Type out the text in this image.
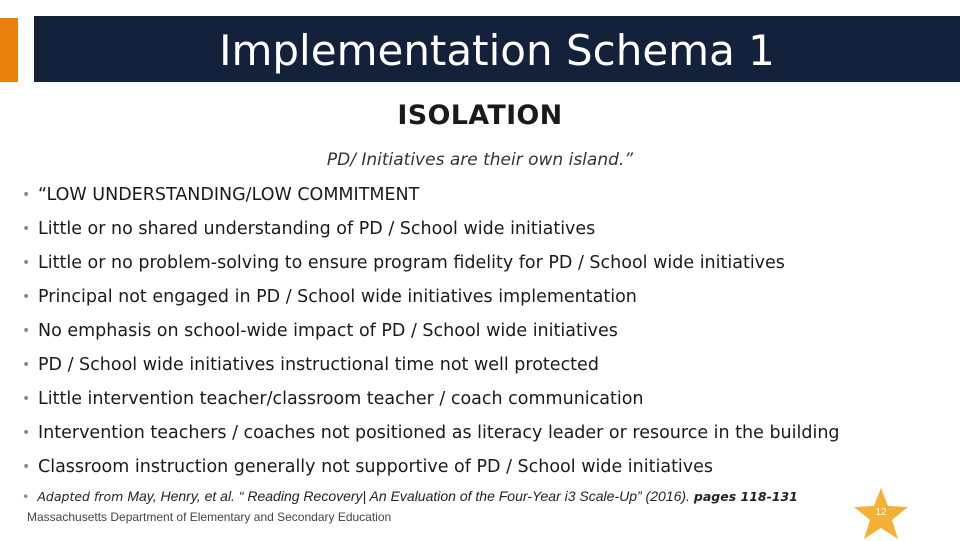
Implementation Schema 1
ISOLATION
PD/ Initiatives are their own island.”
• “LOW UNDERSTANDING/LOW COMMITMENT
• Little or no shared understanding of PD / School wide initiatives
• Little or no problem-solving to ensure program fidelity for PD / School wide initiatives
• Principal not engaged in PD / School wide initiatives implementation
• No emphasis on school-wide impact of PD / School wide initiatives
• PD / School wide initiatives instructional time not well protected
• Little intervention teacher/classroom teacher / coach communication
• Intervention teachers / coaches not positioned as literacy leader or resource in the building
• Classroom instruction generally not supportive of PD / School wide initiatives
• Adapted from May, Henry, et al. “ Reading Recovery| An Evaluation of the Four-Year i3 Scale-Up” (2016). pages 118-131
Massachusetts Department of Elementary and Secondary Education	12
